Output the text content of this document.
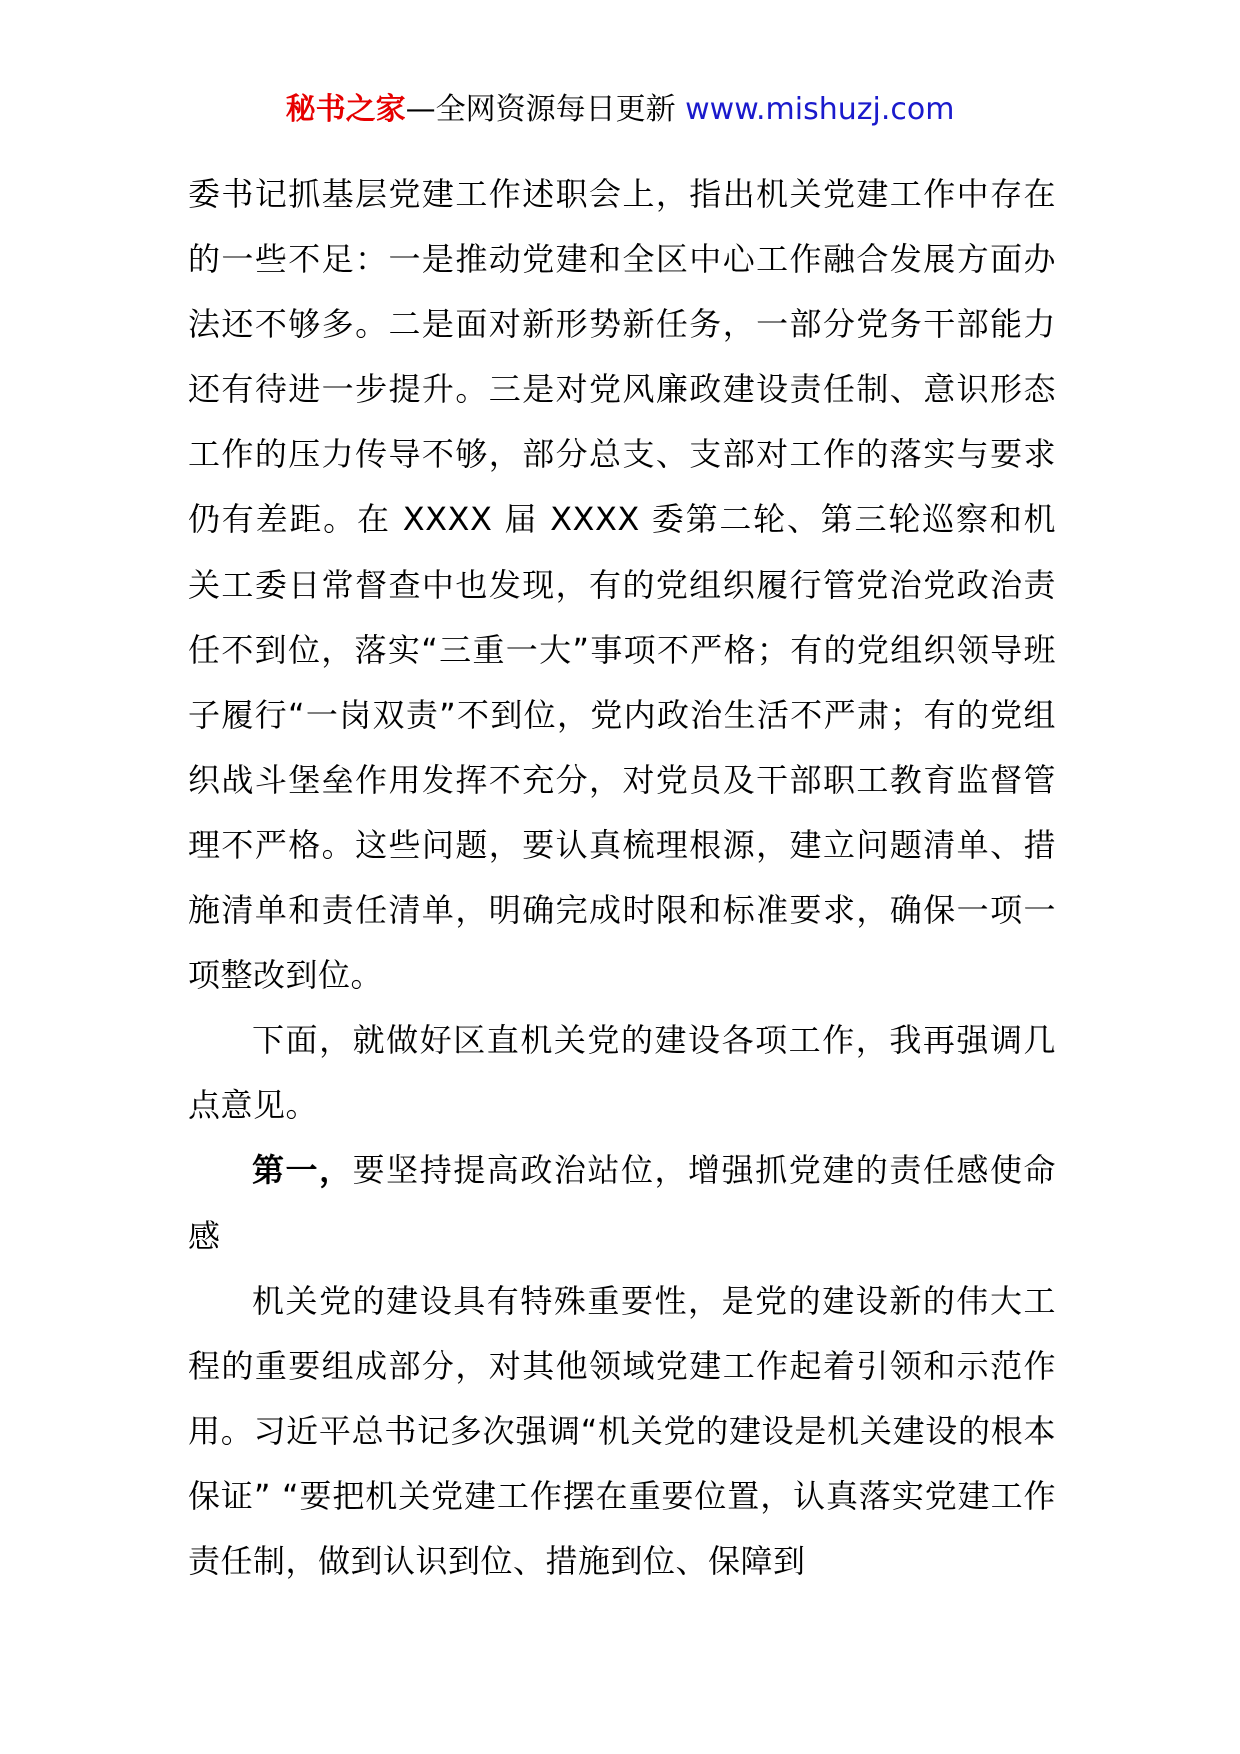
秘书之家—全网资源每日更新 www.mishuzj.com

委书记抓基层党建工作述职会上，指出机关党建工作中存在的一些不足：一是推动党建和全区中心工作融合发展方面办法还不够多。二是面对新形势新任务，一部分党务干部能力还有待进一步提升。三是对党风廉政建设责任制、意识形态工作的压力传导不够，部分总支、支部对工作的落实与要求仍有差距。在 XXXX 届 XXXX 委第二轮、第三轮巡察和机关工委日常督查中也发现，有的党组织履行管党治党政治责任不到位，落实“三重一大”事项不严格；有的党组织领导班子履行“一岗双责”不到位，党内政治生活不严肃；有的党组织战斗堡垒作用发挥不充分，对党员及干部职工教育监督管理不严格。这些问题，要认真梳理根源，建立问题清单、措施清单和责任清单，明确完成时限和标准要求，确保一项一项整改到位。

下面，就做好区直机关党的建设各项工作，我再强调几点意见。

第一，要坚持提高政治站位，增强抓党建的责任感使命感

机关党的建设具有特殊重要性，是党的建设新的伟大工程的重要组成部分，对其他领域党建工作起着引领和示范作用。习近平总书记多次强调“机关党的建设是机关建设的根本保证” “要把机关党建工作摆在重要位置，认真落实党建工作责任制，做到认识到位、措施到位、保障到
